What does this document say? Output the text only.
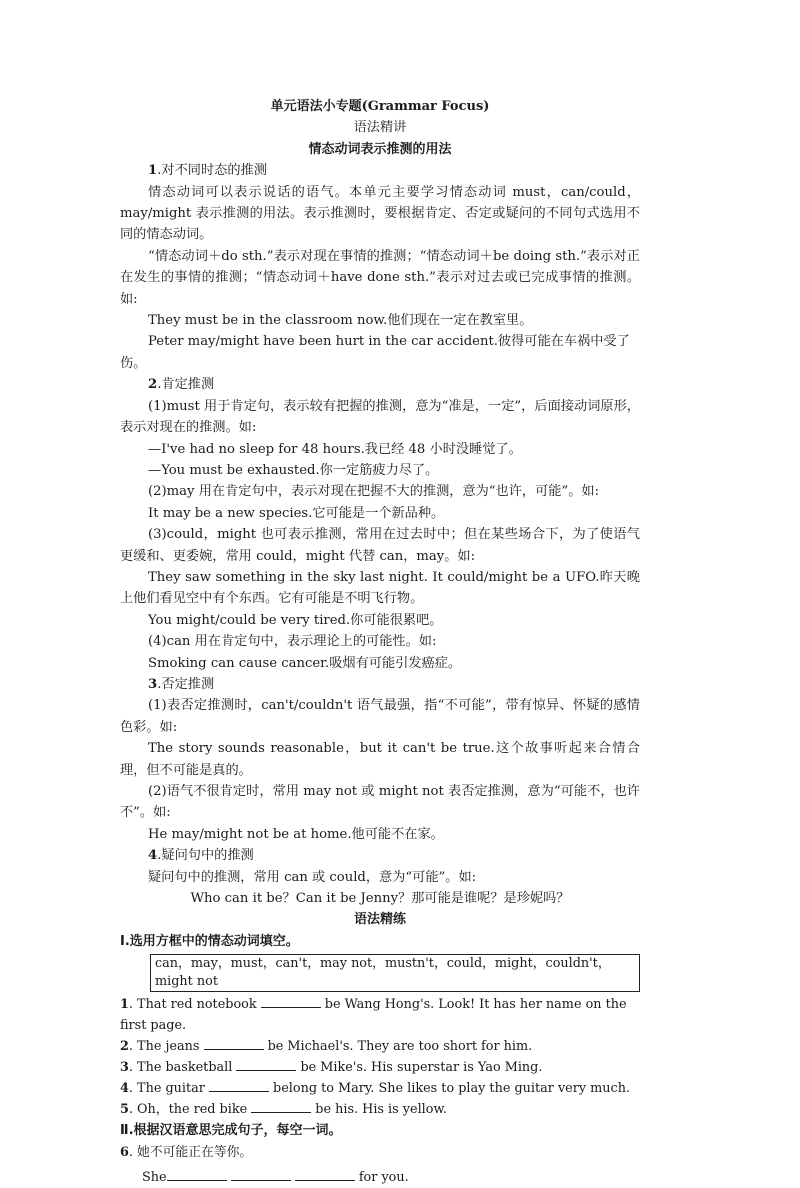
单元语法小专题(Grammar Focus)

语法精讲

情态动词表示推测的用法

1.对不同时态的推测

情态动词可以表示说话的语气。本单元主要学习情态动词 must，can/could，may/might 表示推测的用法。表示推测时，要根据肯定、否定或疑问的不同句式选用不同的情态动词。

“情态动词＋do sth.”表示对现在事情的推测；“情态动词＋be doing sth.”表示对正在发生的事情的推测；“情态动词＋have done sth.”表示对过去或已完成事情的推测。如:

They must be in the classroom now.他们现在一定在教室里。

Peter may/might have been hurt in the car accident.彼得可能在车祸中受了伤。

2.肯定推测

(1)must 用于肯定句，表示较有把握的推测，意为“准是，一定”，后面接动词原形，表示对现在的推测。如:

—I've had no sleep for 48 hours.我已经 48 小时没睡觉了。

—You must be exhausted.你一定筋疲力尽了。

(2)may 用在肯定句中，表示对现在把握不大的推测，意为“也许，可能”。如:

It may be a new species.它可能是一个新品种。

(3)could，might 也可表示推测，常用在过去时中；但在某些场合下，为了使语气更缓和、更委婉，常用 could，might 代替 can，may。如:

They saw something in the sky last night. It could/might be a UFO.昨天晚上他们看见空中有个东西。它有可能是不明飞行物。

You might/could be very tired.你可能很累吧。

(4)can 用在肯定句中，表示理论上的可能性。如:

Smoking can cause cancer.吸烟有可能引发癌症。

3.否定推测

(1)表否定推测时，can't/couldn't 语气最强，指“不可能”，带有惊异、怀疑的感情色彩。如:

The story sounds reasonable，but it can't be true.这个故事听起来合情合理，但不可能是真的。

(2)语气不很肯定时，常用 may not 或 might not 表否定推测，意为“可能不，也许不”。如:

He may/might not be at home.他可能不在家。

4.疑问句中的推测

疑问句中的推测，常用 can 或 could，意为“可能”。如:

Who can it be？Can it be Jenny？那可能是谁呢？是珍妮吗？

语法精练

Ⅰ.选用方框中的情态动词填空。

can，may，must，can't，may not，mustn't，could，might，couldn't，might not

1. That red notebook	be Wang Hong's. Look! It has her name on the first page.

2. The jeans	be Michael's. They are too short for him.

3. The basketball	be Mike's. His superstar is Yao Ming.

4. The guitar	belong to Mary. She likes to play the guitar very much.

5. Oh，the red bike	be his. His is yellow.

Ⅱ.根据汉语意思完成句子，每空一词。

6. 她不可能正在等你。

She	for you.
